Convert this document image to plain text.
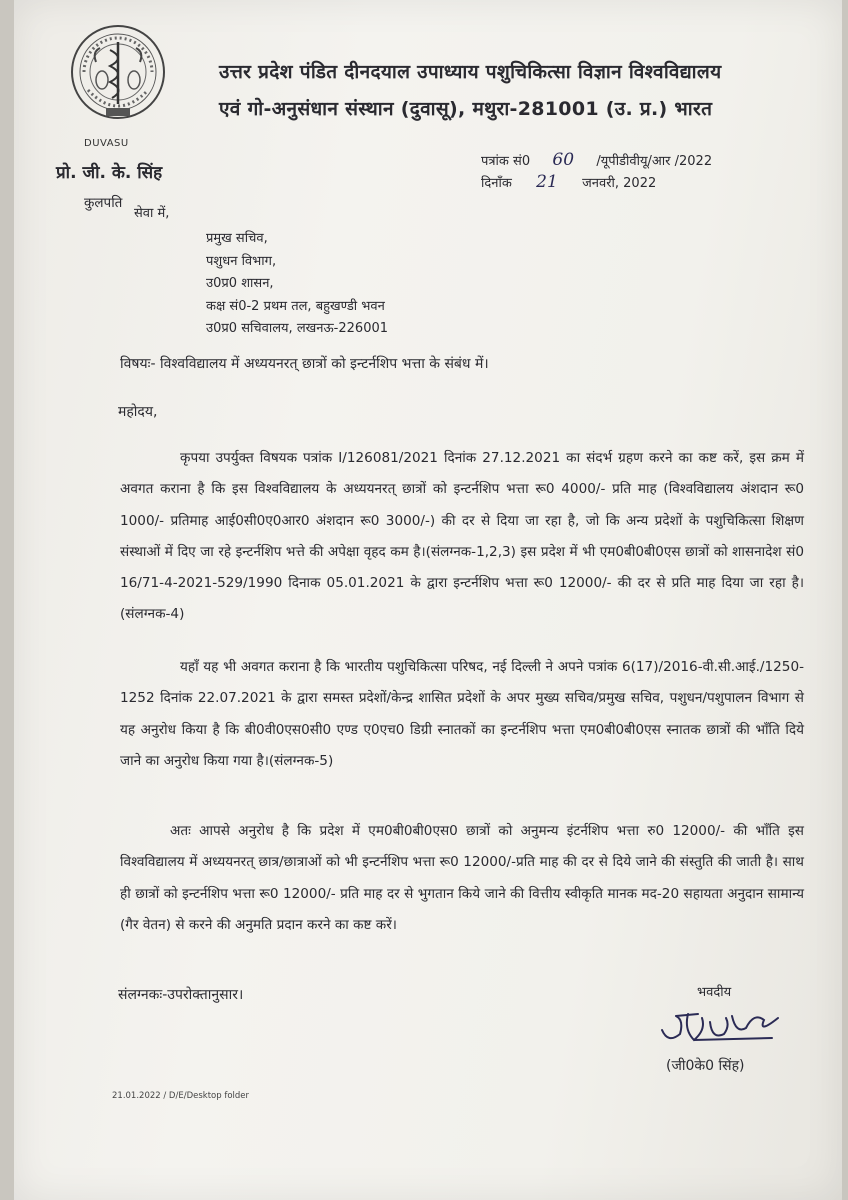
DUVASU
उत्तर प्रदेश पंडित दीनदयाल उपाध्याय पशुचिकित्सा विज्ञान विश्वविद्यालय
एवं गो-अनुसंधान संस्थान (दुवासू), मथुरा-281001 (उ. प्र.) भारत
प्रो. जी. के. सिंह
कुलपति
सेवा में,
पत्रांक सं0 60 /यूपीडीवीयू/आर /2022
दिनाँक 21 जनवरी, 2022
प्रमुख सचिव,
पशुधन विभाग,
उ0प्र0 शासन,
कक्ष सं0-2 प्रथम तल, बहुखण्डी भवन
उ0प्र0 सचिवालय, लखनऊ-226001
विषयः- विश्वविद्यालय में अध्ययनरत् छात्रों को इन्टर्नशिप भत्ता के संबंध में।
महोदय,
कृपया उपर्युक्त विषयक पत्रांक I/126081/2021 दिनांक 27.12.2021 का संदर्भ ग्रहण करने का कष्ट करें, इस क्रम में अवगत कराना है कि इस विश्वविद्यालय के अध्ययनरत् छात्रों को इन्टर्नशिप भत्ता रू0 4000/- प्रति माह (विश्वविद्यालय अंशदान रू0 1000/- प्रतिमाह आई0सी0ए0आर0 अंशदान रू0 3000/-) की दर से दिया जा रहा है, जो कि अन्य प्रदेशों के पशुचिकित्सा शिक्षण संस्थाओं में दिए जा रहे इन्टर्नशिप भत्ते की अपेक्षा वृहद कम है।(संलग्नक-1,2,3) इस प्रदेश में भी एम0बी0बी0एस छात्रों को शासनादेश सं0 16/71-4-2021-529/1990 दिनाक 05.01.2021 के द्वारा इन्टर्नशिप भत्ता रू0 12000/- की दर से प्रति माह दिया जा रहा है।(संलग्नक-4)
यहाँ यह भी अवगत कराना है कि भारतीय पशुचिकित्सा परिषद, नई दिल्ली ने अपने पत्रांक 6(17)/2016-वी.सी.आई./1250-1252 दिनांक 22.07.2021 के द्वारा समस्त प्रदेशों/केन्द्र शासित प्रदेशों के अपर मुख्य सचिव/प्रमुख सचिव, पशुधन/पशुपालन विभाग से यह अनुरोध किया है कि बी0वी0एस0सी0 एण्ड ए0एच0 डिग्री स्नातकों का इन्टर्नशिप भत्ता एम0बी0बी0एस स्नातक छात्रों की भाँति दिये जाने का अनुरोध किया गया है।(संलग्नक-5)
अतः आपसे अनुरोध है कि प्रदेश में एम0बी0बी0एस0 छात्रों को अनुमन्य इंटर्नशिप भत्ता रु0 12000/- की भाँति इस विश्वविद्यालय में अध्ययनरत् छात्र/छात्राओं को भी इन्टर्नशिप भत्ता रू0 12000/-प्रति माह की दर से दिये जाने की संस्तुति की जाती है। साथ ही छात्रों को इन्टर्नशिप भत्ता रू0 12000/- प्रति माह दर से भुगतान किये जाने की वित्तीय स्वीकृति मानक मद-20 सहायता अनुदान सामान्य (गैर वेतन) से करने की अनुमति प्रदान करने का कष्ट करें।
संलग्नकः-उपरोक्तानुसार।	भवदीय
(जी0के0 सिंह)
21.01.2022 / D/E/Desktop folder
